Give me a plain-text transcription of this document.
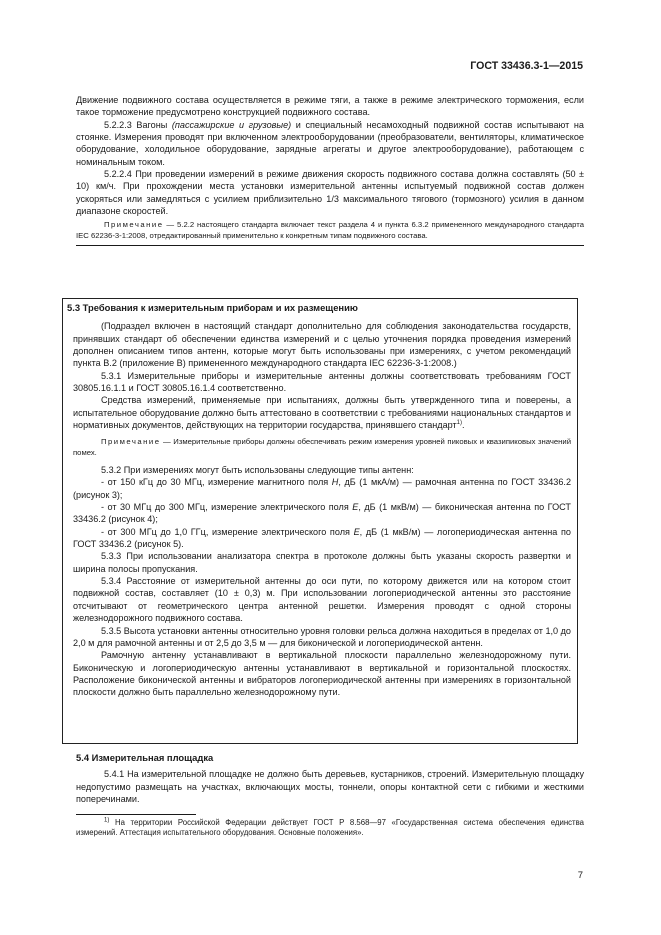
ГОСТ 33436.3-1—2015

Движение подвижного состава осуществляется в режиме тяги, а также в режиме электрического торможения, если такое торможение предусмотрено конструкцией подвижного состава.

5.2.2.3 Вагоны (пассажирские и грузовые) и специальный несамоходный подвижной состав испытывают на стоянке. Измерения проводят при включенном электрооборудовании (преобразователи, вентиляторы, климатическое оборудование, холодильное оборудование, зарядные агрегаты и другое электрооборудование), работающем с номинальным током.

5.2.2.4 При проведении измерений в режиме движения скорость подвижного состава должна составлять (50 ± 10) км/ч. При прохождении места установки измерительной антенны испытуемый подвижной состав должен ускоряться или замедляться с усилием приблизительно 1/3 максимального тягового (тормозного) усилия в данном диапазоне скоростей.

Примечание — 5.2.2 настоящего стандарта включает текст раздела 4 и пункта 6.3.2 примененного международного стандарта IEC 62236-3-1:2008, отредактированный применительно к конкретным типам подвижного состава.

5.3 Требования к измерительным приборам и их размещению

(Подраздел включен в настоящий стандарт дополнительно для соблюдения законодательства государств, принявших стандарт об обеспечении единства измерений и с целью уточнения порядка проведения измерений дополнен описанием типов антенн, которые могут быть использованы при измерениях, с учетом рекомендаций пункта В.2 (приложение В) примененного международного стандарта IEC 62236-3-1:2008.)

5.3.1 Измерительные приборы и измерительные антенны должны соответствовать требованиям ГОСТ 30805.16.1.1 и ГОСТ 30805.16.1.4 соответственно.

Средства измерений, применяемые при испытаниях, должны быть утвержденного типа и поверены, а испытательное оборудование должно быть аттестовано в соответствии с требованиями национальных стандартов и нормативных документов, действующих на территории государства, принявшего стандарт$^{1)}$.

Примечание — Измерительные приборы должны обеспечивать режим измерения уровней пиковых и квазипиковых значений помех.

5.3.2 При измерениях могут быть использованы следующие типы антенн:

- от 150 кГц до 30 МГц, измерение магнитного поля H, дБ (1 мкА/м) — рамочная антенна по ГОСТ 33436.2 (рисунок 3);

- от 30 МГц до 300 МГц, измерение электрического поля E, дБ (1 мкВ/м) — биконическая антенна по ГОСТ 33436.2 (рисунок 4);

- от 300 МГц до 1,0 ГГц, измерение электрического поля E, дБ (1 мкВ/м) — логопериодическая антенна по ГОСТ 33436.2 (рисунок 5).

5.3.3 При использовании анализатора спектра в протоколе должны быть указаны скорость развертки и ширина полосы пропускания.

5.3.4 Расстояние от измерительной антенны до оси пути, по которому движется или на котором стоит подвижной состав, составляет (10 ± 0,3) м. При использовании логопериодической антенны это расстояние отсчитывают от геометрического центра антенной решетки. Измерения проводят с одной стороны железнодорожного подвижного состава.

5.3.5 Высота установки антенны относительно уровня головки рельса должна находиться в пределах от 1,0 до 2,0 м для рамочной антенны и от 2,5 до 3,5 м — для биконической и логопериодической антенн.

Рамочную антенну устанавливают в вертикальной плоскости параллельно железнодорожному пути. Биконическую и логопериодическую антенны устанавливают в вертикальной и горизонтальной плоскостях. Расположение биконической антенны и вибраторов логопериодической антенны при измерениях в горизонтальной плоскости должно быть параллельно железнодорожному пути.

5.4 Измерительная площадка

5.4.1 На измерительной площадке не должно быть деревьев, кустарников, строений. Измерительную площадку недопустимо размещать на участках, включающих мосты, тоннели, опоры контактной сети с гибкими и жесткими поперечинами.

$^{1)}$ На территории Российской Федерации действует ГОСТ Р 8.568—97 «Государственная система обеспечения единства измерений. Аттестация испытательного оборудования. Основные положения».

7
